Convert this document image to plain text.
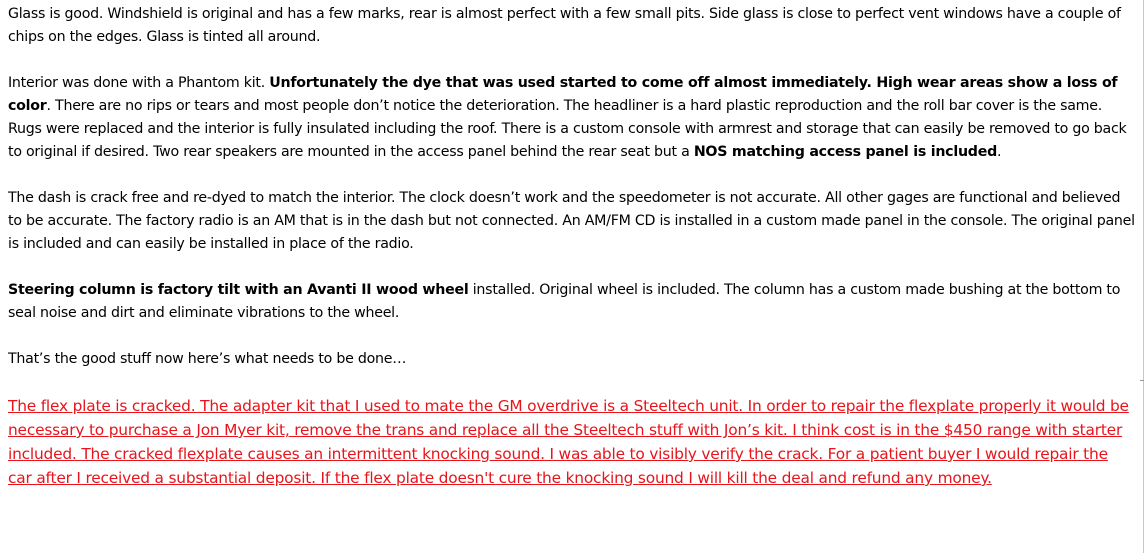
Glass is good. Windshield is original and has a few marks, rear is almost perfect with a few small pits. Side glass is close to perfect vent windows have a couple of chips on the edges. Glass is tinted all around.

Interior was done with a Phantom kit. Unfortunately the dye that was used started to come off almost immediately. High wear areas show a loss of color. There are no rips or tears and most people don’t notice the deterioration. The headliner is a hard plastic reproduction and the roll bar cover is the same. Rugs were replaced and the interior is fully insulated including the roof. There is a custom console with armrest and storage that can easily be removed to go back to original if desired. Two rear speakers are mounted in the access panel behind the rear seat but a NOS matching access panel is included.

The dash is crack free and re-dyed to match the interior. The clock doesn’t work and the speedometer is not accurate. All other gages are functional and believed to be accurate. The factory radio is an AM that is in the dash but not connected. An AM/FM CD is installed in a custom made panel in the console. The original panel is included and can easily be installed in place of the radio.

Steering column is factory tilt with an Avanti II wood wheel installed. Original wheel is included. The column has a custom made bushing at the bottom to seal noise and dirt and eliminate vibrations to the wheel.

That’s the good stuff now here’s what needs to be done…

The flex plate is cracked. The adapter kit that I used to mate the GM overdrive is a Steeltech unit. In order to repair the flexplate properly it would be necessary to purchase a Jon Myer kit, remove the trans and replace all the Steeltech stuff with Jon’s kit. I think cost is in the $450 range with starter included. The cracked flexplate causes an intermittent knocking sound. I was able to visibly verify the crack. For a patient buyer I would repair the car after I received a substantial deposit. If the flex plate doesn't cure the knocking sound I will kill the deal and refund any money.
